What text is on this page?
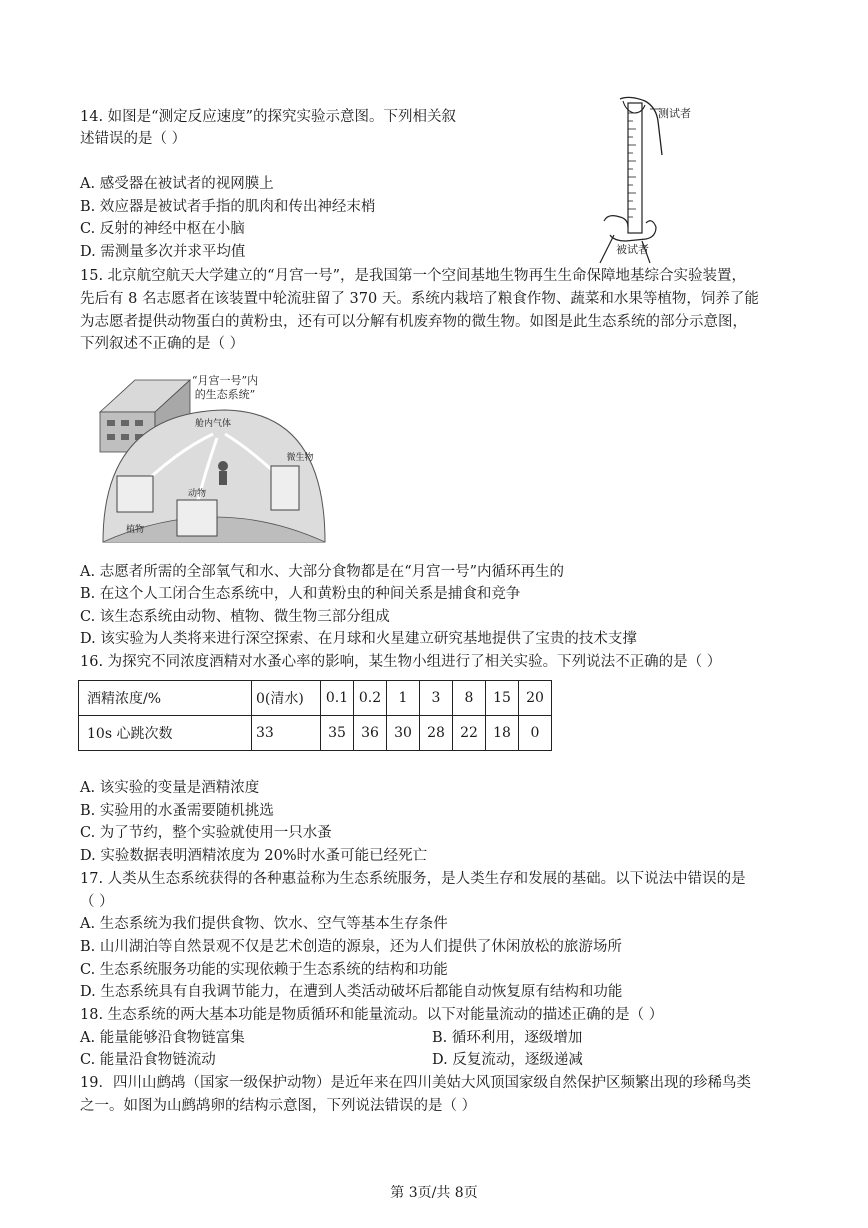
14. 如图是“测定反应速度”的探究实验示意图。下列相关叙
述错误的是（ ）
A. 感受器在被试者的视网膜上
B. 效应器是被试者手指的肌肉和传出神经末梢
C. 反射的神经中枢在小脑
D. 需测量多次并求平均值
测试者
被试者
15. 北京航空航天大学建立的“月宫一号”，是我国第一个空间基地生物再生生命保障地基综合实验装置，
先后有 8 名志愿者在该装置中轮流驻留了 370 天。系统内栽培了粮食作物、蔬菜和水果等植物，饲养了能
为志愿者提供动物蛋白的黄粉虫，还有可以分解有机废弃物的微生物。如图是此生态系统的部分示意图，
下列叙述不正确的是（ ）
“月宫一号”内
的生态系统”
舱内气体
植物
动物
微生物
A. 志愿者所需的全部氧气和水、大部分食物都是在“月宫一号”内循环再生的
B. 在这个人工闭合生态系统中，人和黄粉虫的种间关系是捕食和竞争
C. 该生态系统由动物、植物、微生物三部分组成
D. 该实验为人类将来进行深空探索、在月球和火星建立研究基地提供了宝贵的技术支撑
16. 为探究不同浓度酒精对水蚤心率的影响，某生物小组进行了相关实验。下列说法不正确的是（ ）
酒精浓度/%	0(清水)	0.1	0.2	1	3	8	15	20
10s 心跳次数	33	35	36	30	28	22	18	0
A. 该实验的变量是酒精浓度
B. 实验用的水蚤需要随机挑选
C. 为了节约，整个实验就使用一只水蚤
D. 实验数据表明酒精浓度为 20%时水蚤可能已经死亡
17. 人类从生态系统获得的各种惠益称为生态系统服务，是人类生存和发展的基础。以下说法中错误的是
（ ）
A. 生态系统为我们提供食物、饮水、空气等基本生存条件
B. 山川湖泊等自然景观不仅是艺术创造的源泉，还为人们提供了休闲放松的旅游场所
C. 生态系统服务功能的实现依赖于生态系统的结构和功能
D. 生态系统具有自我调节能力，在遭到人类活动破坏后都能自动恢复原有结构和功能
18. 生态系统的两大基本功能是物质循环和能量流动。以下对能量流动的描述正确的是（ ）
A. 能量能够沿食物链富集	B. 循环利用，逐级增加
C. 能量沿食物链流动	D. 反复流动，逐级递减
19．四川山鹧鸪（国家一级保护动物）是近年来在四川美姑大风顶国家级自然保护区频繁出现的珍稀鸟类
之一。如图为山鹧鸪卵的结构示意图，下列说法错误的是（ ）
第 3页/共 8页
